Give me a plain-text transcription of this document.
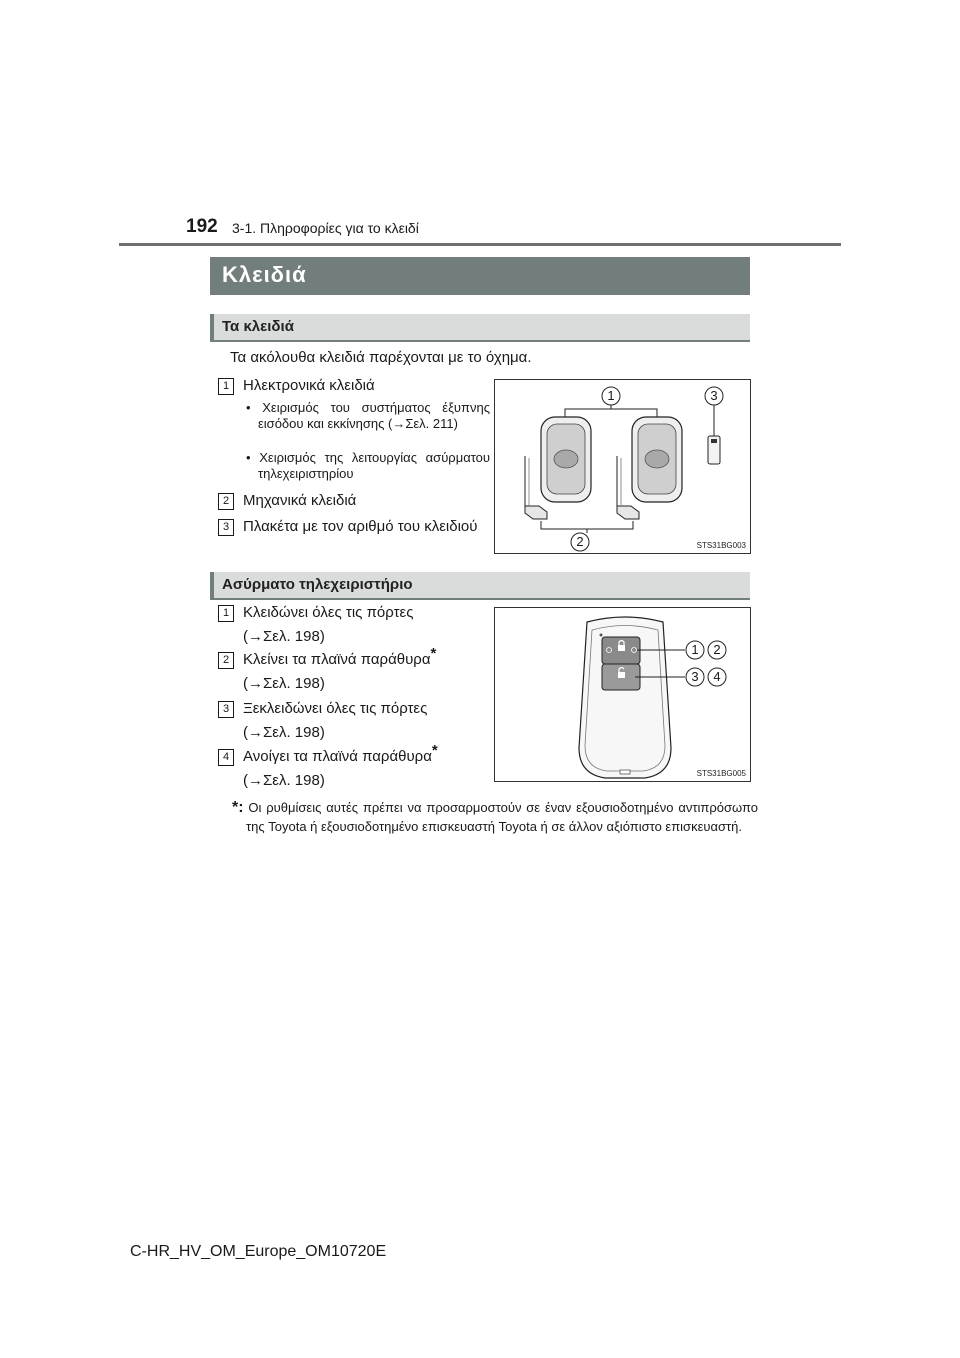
192 3-1. Πληροφορίες για το κλειδί
Κλειδιά
Τα κλειδιά
Τα ακόλουθα κλειδιά παρέχονται με το όχημα.
1 Ηλεκτρονικά κλειδιά
• Χειρισμός του συστήματος έξυπνης εισόδου και εκκίνησης (→Σελ. 211)
• Χειρισμός της λειτουργίας ασύρματου τηλεχειριστηρίου
2 Μηχανικά κλειδιά
3 Πλακέτα με τον αριθμό του κλειδιού
1
2
3
STS31BG003
Ασύρματο τηλεχειριστήριο
1 Κλειδώνει όλες τις πόρτες
(→Σελ. 198)
2 Κλείνει τα πλαϊνά παράθυρα*
(→Σελ. 198)
3 Ξεκλειδώνει όλες τις πόρτες
(→Σελ. 198)
4 Ανοίγει τα πλαϊνά παράθυρα*
(→Σελ. 198)
1	2
3	4
STS31BG005
*: Οι ρυθμίσεις αυτές πρέπει να προσαρμοστούν σε έναν εξουσιοδοτημένο αντιπρόσωπο της Toyota ή εξουσιοδοτημένο επισκευαστή Toyota ή σε άλλον αξιόπιστο επισκευαστή.
C-HR_HV_OM_Europe_OM10720E
